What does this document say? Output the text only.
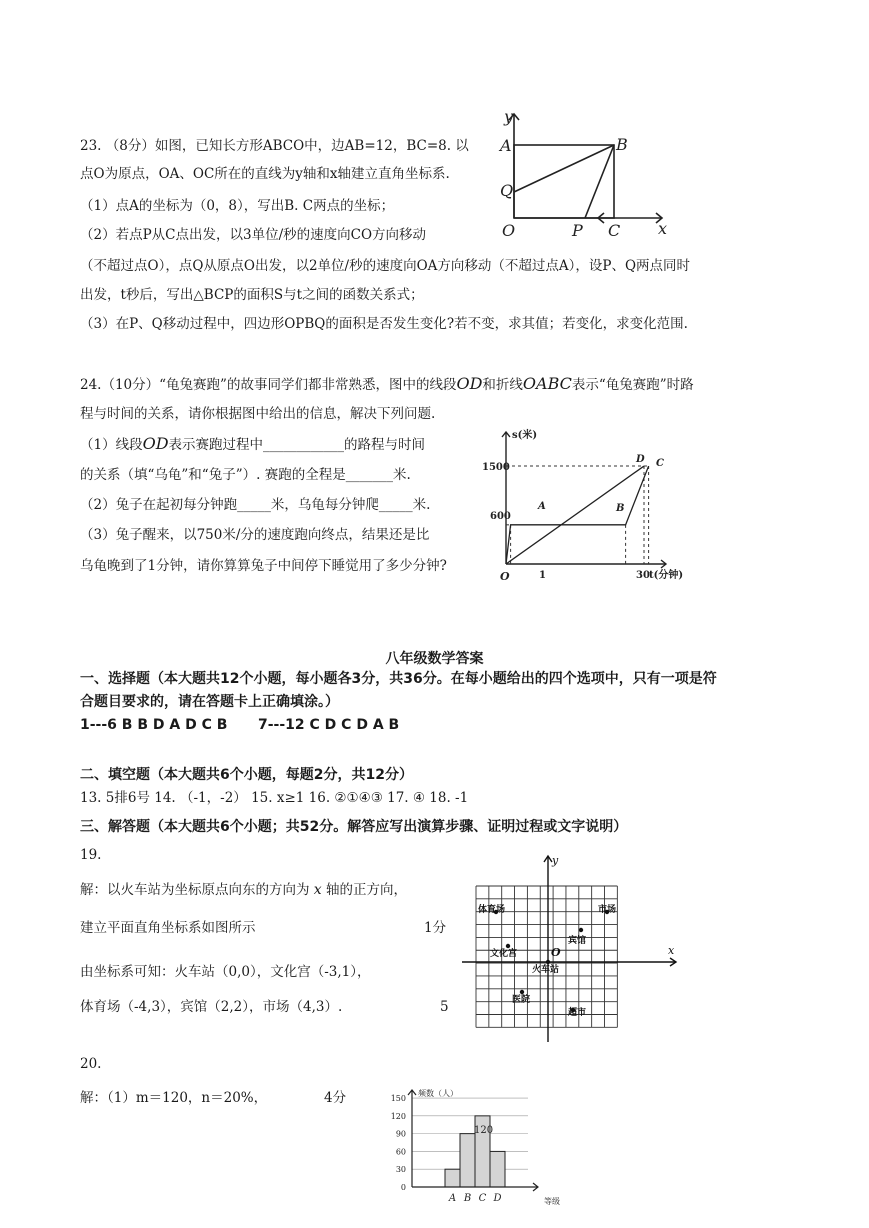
23. （8分）如图，已知长方形ABCO中，边AB=12，BC=8. 以
点O为原点，OA、OC所在的直线为y轴和x轴建立直角坐标系.
（1）点A的坐标为（0，8），写出B. C两点的坐标；
（2）若点P从C点出发，以3单位/秒的速度向CO方向移动
（不超过点O），点Q从原点O出发，以2单位/秒的速度向OA方向移动（不超过点A），设P、Q两点同时
出发，t秒后，写出△BCP的面积S与t之间的函数关系式；
（3）在P、Q移动过程中，四边形OPBQ的面积是否发生变化?若不变，求其值；若变化，求变化范围.
y
A	B
Q
O	P C x
24.（10分）“龟兔赛跑”的故事同学们都非常熟悉，图中的线段OD和折线OABC表示“龟兔赛跑”时路
程与时间的关系，请你根据图中给出的信息，解决下列问题.
（1）线段OD表示赛跑过程中____________的路程与时间
的关系（填“乌龟”和“兔子”）. 赛跑的全程是_______米.
（2）兔子在起初每分钟跑_____米，乌龟每分钟爬_____米.
（3）兔子醒来，以750米/分的速度跑向终点，结果还是比
乌龟晚到了1分钟，请你算算兔子中间停下睡觉用了多少分钟?
s(米)
1500
600
O	1	30 t(分钟)
A	B
D C
八年级数学答案
一、选择题（本大题共12个小题，每小题各3分，共36分。在每小题给出的四个选项中，只有一项是符
合题目要求的，请在答题卡上正确填涂。）
1---6 B B D A D C B 7---12 C D C D A B
二、填空题（本大题共6个小题，每题2分，共12分）
13. 5排6号 14. （-1，-2） 15. x≥1 16. ②①④③ 17. ④ 18. -1
三、解答题（本大题共6个小题；共52分。解答应写出演算步骤、证明过程或文字说明）
19.
解：以火车站为坐标原点向东的方向为 x 轴的正方向，
建立平面直角坐标系如图所示	1分
由坐标系可知：火车站（0,0），文化宫（-3,1），
体育场（-4,3），宾馆（2,2），市场（4,3）.	5
体育场	市场
宾馆
文化宫	O
火车站
医院
超市
x
y
20.
解：（1）m＝120，n＝20%，	4分	150
120
90
60
30
0
A B C D
频数（人）
120
等级
